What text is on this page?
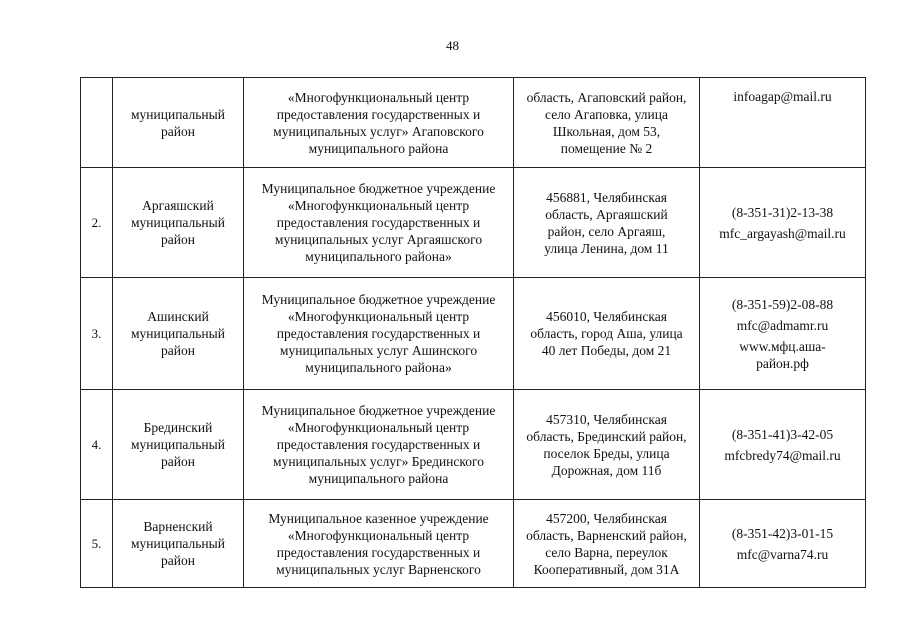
48

	муниципальный
район	«Многофункциональный центр
предоставления государственных и
муниципальных услуг» Агаповского
муниципального района	область, Агаповский район,
село Агаповка, улица
Школьная, дом 53,
помещение № 2	infoagap@mail.ru

2.	Аргаяшский
муниципальный
район	Муниципальное бюджетное учреждение
«Многофункциональный центр
предоставления государственных и
муниципальных услуг Аргаяшского
муниципального района»	456881, Челябинская
область, Аргаяшский
район, село Аргаяш,
улица Ленина, дом 11	(8-351-31)2-13-38
mfc_argayash@mail.ru

3.	Ашинский
муниципальный
район	Муниципальное бюджетное учреждение
«Многофункциональный центр
предоставления государственных и
муниципальных услуг Ашинского
муниципального района»	456010, Челябинская
область, город Аша, улица
40 лет Победы, дом 21	(8-351-59)2-08-88
mfc@admamr.ru
www.мфц.аша-
район.рф

4.	Брединский
муниципальный
район	Муниципальное бюджетное учреждение
«Многофункциональный центр
предоставления государственных и
муниципальных услуг» Брединского
муниципального района	457310, Челябинская
область, Брединский район,
поселок Бреды, улица
Дорожная, дом 11б	(8-351-41)3-42-05
mfcbredy74@mail.ru

5.	Варненский
муниципальный
район	Муниципальное казенное учреждение
«Многофункциональный центр
предоставления государственных и
муниципальных услуг Варненского	457200, Челябинская
область, Варненский район,
село Варна, переулок
Кооперативный, дом 31А	(8-351-42)3-01-15
mfc@varna74.ru
